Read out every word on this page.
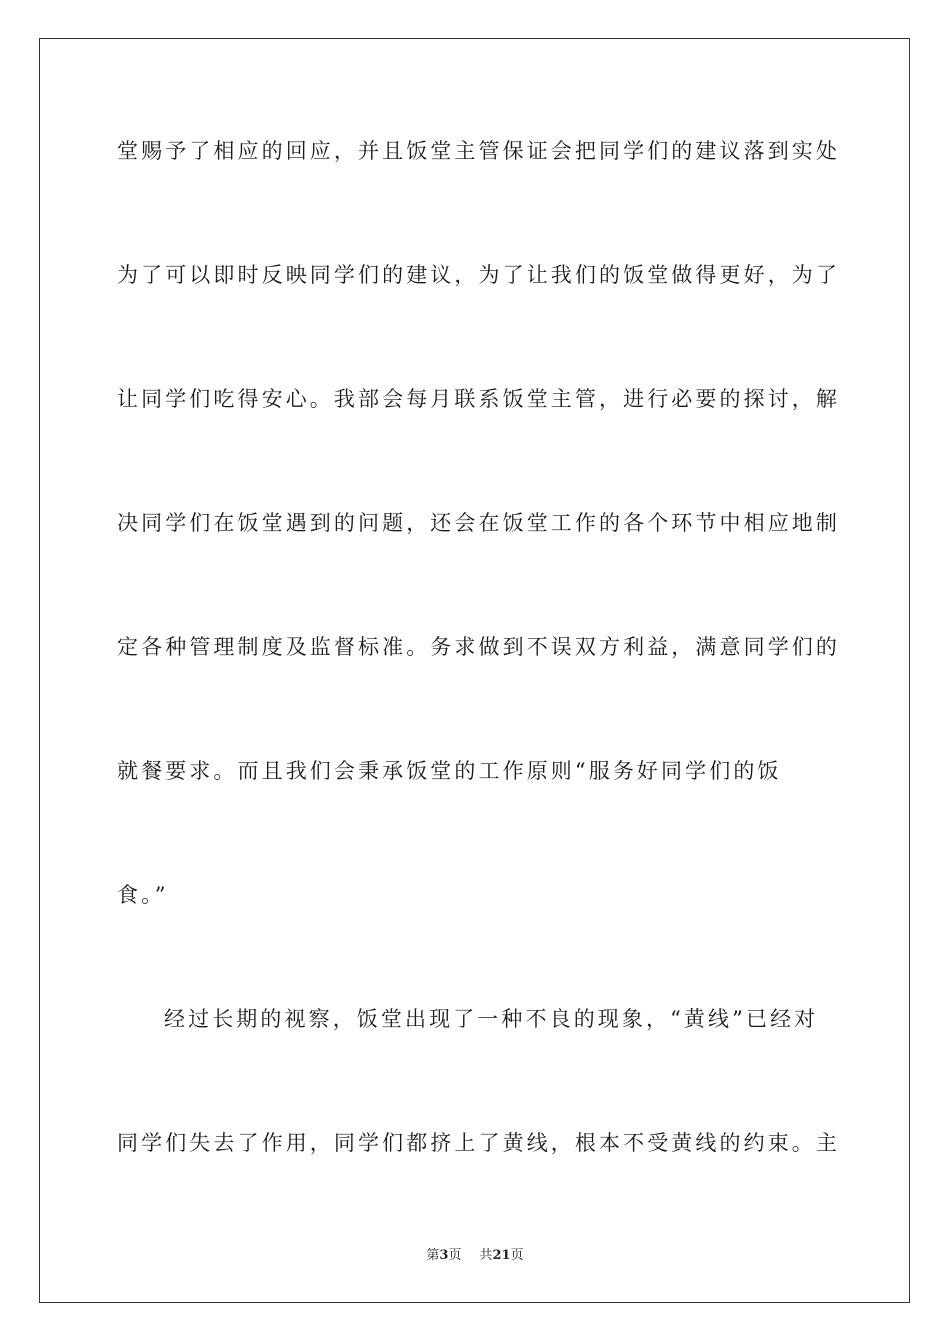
堂赐予了相应的回应，并且饭堂主管保证会把同学们的建议落到实处
为了可以即时反映同学们的建议，为了让我们的饭堂做得更好，为了
让同学们吃得安心。我部会每月联系饭堂主管，进行必要的探讨，解
决同学们在饭堂遇到的问题，还会在饭堂工作的各个环节中相应地制
定各种管理制度及监督标准。务求做到不误双方利益，满意同学们的
就餐要求。而且我们会秉承饭堂的工作原则“服务好同学们的饭
食。”
经过长期的视察，饭堂出现了一种不良的现象，“黄线”已经对
同学们失去了作用，同学们都挤上了黄线，根本不受黄线的约束。主
第3页 共21页
